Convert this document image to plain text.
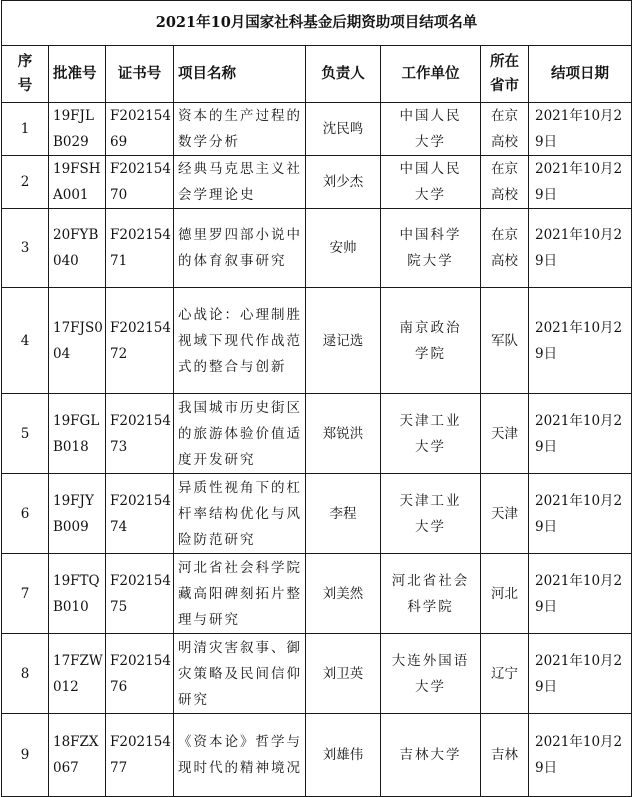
2021年10月国家社科基金后期资助项目结项名单							
序号	批准号	证书号	项目名称	负责人	工作单位	所在省市	结项日期
1	19FJLB029	F20215469	资本的生产过程的数学分析	沈民鸣	中国人民大学	在京高校	2021年10月29日
2	19FSHA001	F20215470	经典马克思主义社会学理论史	刘少杰	中国人民大学	在京高校	2021年10月29日
3	20FYB040	F20215471	德里罗四部小说中的体育叙事研究	安帅	中国科学院大学	在京高校	2021年10月29日
4	17FJS004	F20215472	心战论：心理制胜视域下现代作战范式的整合与创新	逯记选	南京政治学院	军队	2021年10月29日
5	19FGLB018	F20215473	我国城市历史街区的旅游体验价值适度开发研究	郑锐洪	天津工业大学	天津	2021年10月29日
6	19FJYB009	F20215474	异质性视角下的杠杆率结构优化与风险防范研究	李程	天津工业大学	天津	2021年10月29日
7	19FTQB010	F20215475	河北省社会科学院藏高阳碑刻拓片整理与研究	刘美然	河北省社会科学院	河北	2021年10月29日
8	17FZW012	F20215476	明清灾害叙事、御灾策略及民间信仰研究	刘卫英	大连外国语大学	辽宁	2021年10月29日
9	18FZX067	F20215477	《资本论》哲学与现时代的精神境况	刘雄伟	吉林大学	吉林	2021年10月29日
